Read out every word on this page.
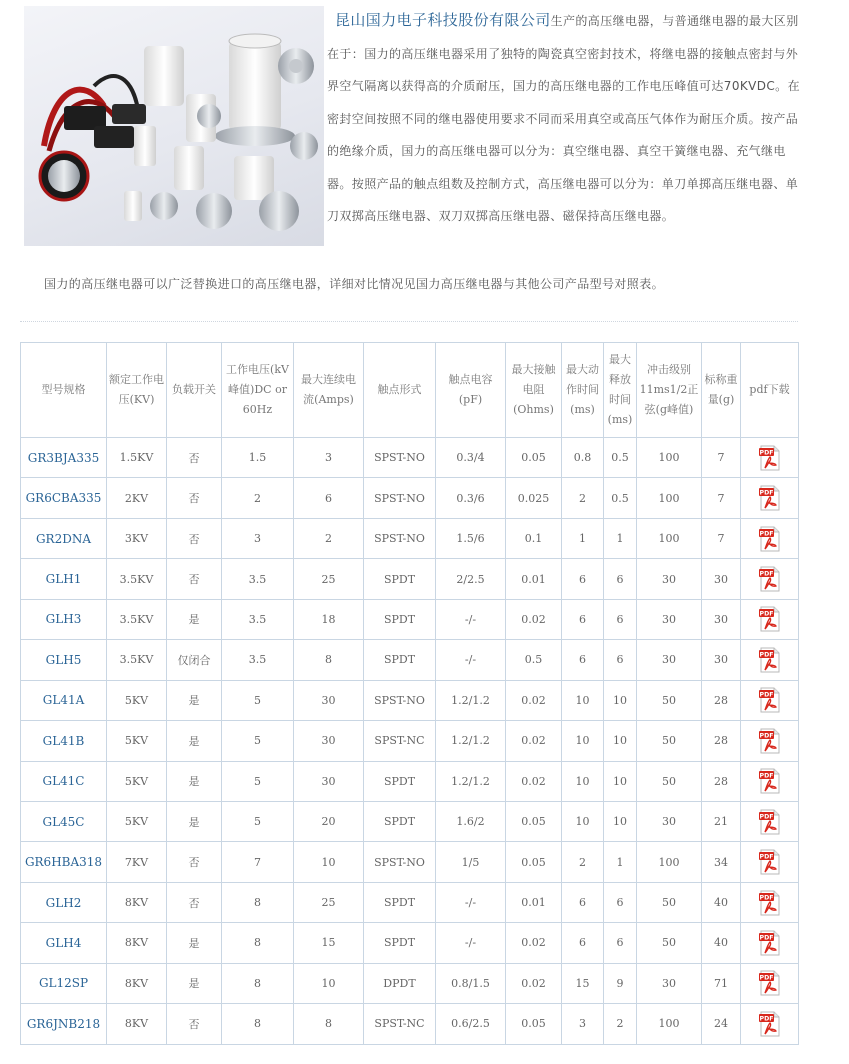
昆山国力电子科技股份有限公司生产的高压继电器，与普通继电器的最大区别在于：国力的高压继电器采用了独特的陶瓷真空密封技术，将继电器的接触点密封与外界空气隔离以获得高的介质耐压，国力的高压继电器的工作电压峰值可达70KVDC。在密封空间按照不同的继电器使用要求不同而采用真空或高压气体作为耐压介质。按产品的绝缘介质，国力的高压继电器可以分为：真空继电器、真空干簧继电器、充气继电器。按照产品的触点组数及控制方式，高压继电器可以分为：单刀单掷高压继电器、单刀双掷高压继电器、双刀双掷高压继电器、磁保持高压继电器。

国力的高压继电器可以广泛替换进口的高压继电器，详细对比情况见国力高压继电器与其他公司产品型号对照表。

型号规格	额定工作电压(KV)	负载开关	工作电压(kV峰值)DC or 60Hz	最大连续电流(Amps)	触点形式	触点电容(pF)	最大接触电阻(Ohms)	最大动作时间(ms)	最大释放时间(ms)	冲击级别11ms1/2正弦(g峰值)	标称重量(g)	pdf下载
GR3BJA335	1.5KV	否	1.5	3	SPST-NO	0.3/4	0.05	0.8	0.5	100	7	PDF

GR6CBA335	2KV	否	2	6	SPST-NO	0.3/6	0.025	2	0.5	100	7	PDF

GR2DNA	3KV	否	3	2	SPST-NO	1.5/6	0.1	1	1	100	7	PDF

GLH1	3.5KV	否	3.5	25	SPDT	2/2.5	0.01	6	6	30	30	PDF

GLH3	3.5KV	是	3.5	18	SPDT	-/-	0.02	6	6	30	30	PDF

GLH5	3.5KV	仅闭合	3.5	8	SPDT	-/-	0.5	6	6	30	30	PDF

GL41A	5KV	是	5	30	SPST-NO	1.2/1.2	0.02	10	10	50	28	PDF

GL41B	5KV	是	5	30	SPST-NC	1.2/1.2	0.02	10	10	50	28	PDF

GL41C	5KV	是	5	30	SPDT	1.2/1.2	0.02	10	10	50	28	PDF

GL45C	5KV	是	5	20	SPDT	1.6/2	0.05	10	10	30	21	PDF

GR6HBA318	7KV	否	7	10	SPST-NO	1/5	0.05	2	1	100	34	PDF

GLH2	8KV	否	8	25	SPDT	-/-	0.01	6	6	50	40	PDF

GLH4	8KV	是	8	15	SPDT	-/-	0.02	6	6	50	40	PDF

GL12SP	8KV	是	8	10	DPDT	0.8/1.5	0.02	15	9	30	71	PDF

GR6JNB218	8KV	否	8	8	SPST-NC	0.6/2.5	0.05	3	2	100	24	PDF
